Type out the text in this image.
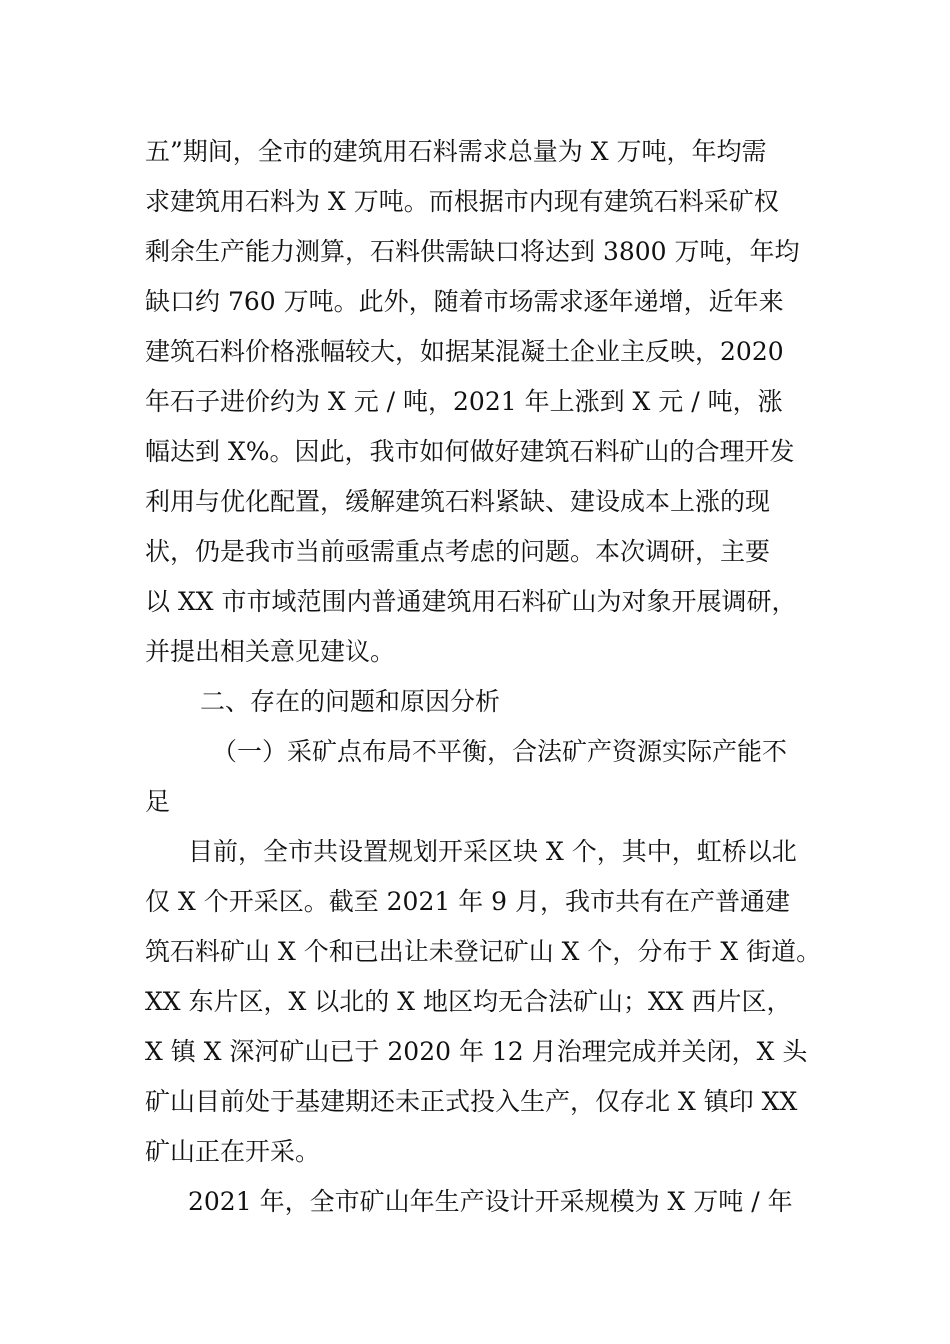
五”期间，全市的建筑用石料需求总量为 X 万吨，年均需
求建筑用石料为 X 万吨。而根据市内现有建筑石料采矿权
剩余生产能力测算，石料供需缺口将达到 3800 万吨，年均
缺口约 760 万吨。此外，随着市场需求逐年递增，近年来
建筑石料价格涨幅较大，如据某混凝土企业主反映，2020
年石子进价约为 X 元 / 吨，2021 年上涨到 X 元 / 吨，涨
幅达到 X%。因此，我市如何做好建筑石料矿山的合理开发
利用与优化配置，缓解建筑石料紧缺、建设成本上涨的现
状，仍是我市当前亟需重点考虑的问题。本次调研，主要
以 XX 市市域范围内普通建筑用石料矿山为对象开展调研，
并提出相关意见建议。
二、存在的问题和原因分析
（一）采矿点布局不平衡，合法矿产资源实际产能不
足
目前，全市共设置规划开采区块 X 个，其中，虹桥以北
仅 X 个开采区。截至 2021 年 9 月，我市共有在产普通建
筑石料矿山 X 个和已出让未登记矿山 X 个，分布于 X 街道。
XX 东片区，X 以北的 X 地区均无合法矿山；XX 西片区，
X 镇 X 深河矿山已于 2020 年 12 月治理完成并关闭，X 头
矿山目前处于基建期还未正式投入生产，仅存北 X 镇印 XX
矿山正在开采。
2021 年，全市矿山年生产设计开采规模为 X 万吨 / 年
